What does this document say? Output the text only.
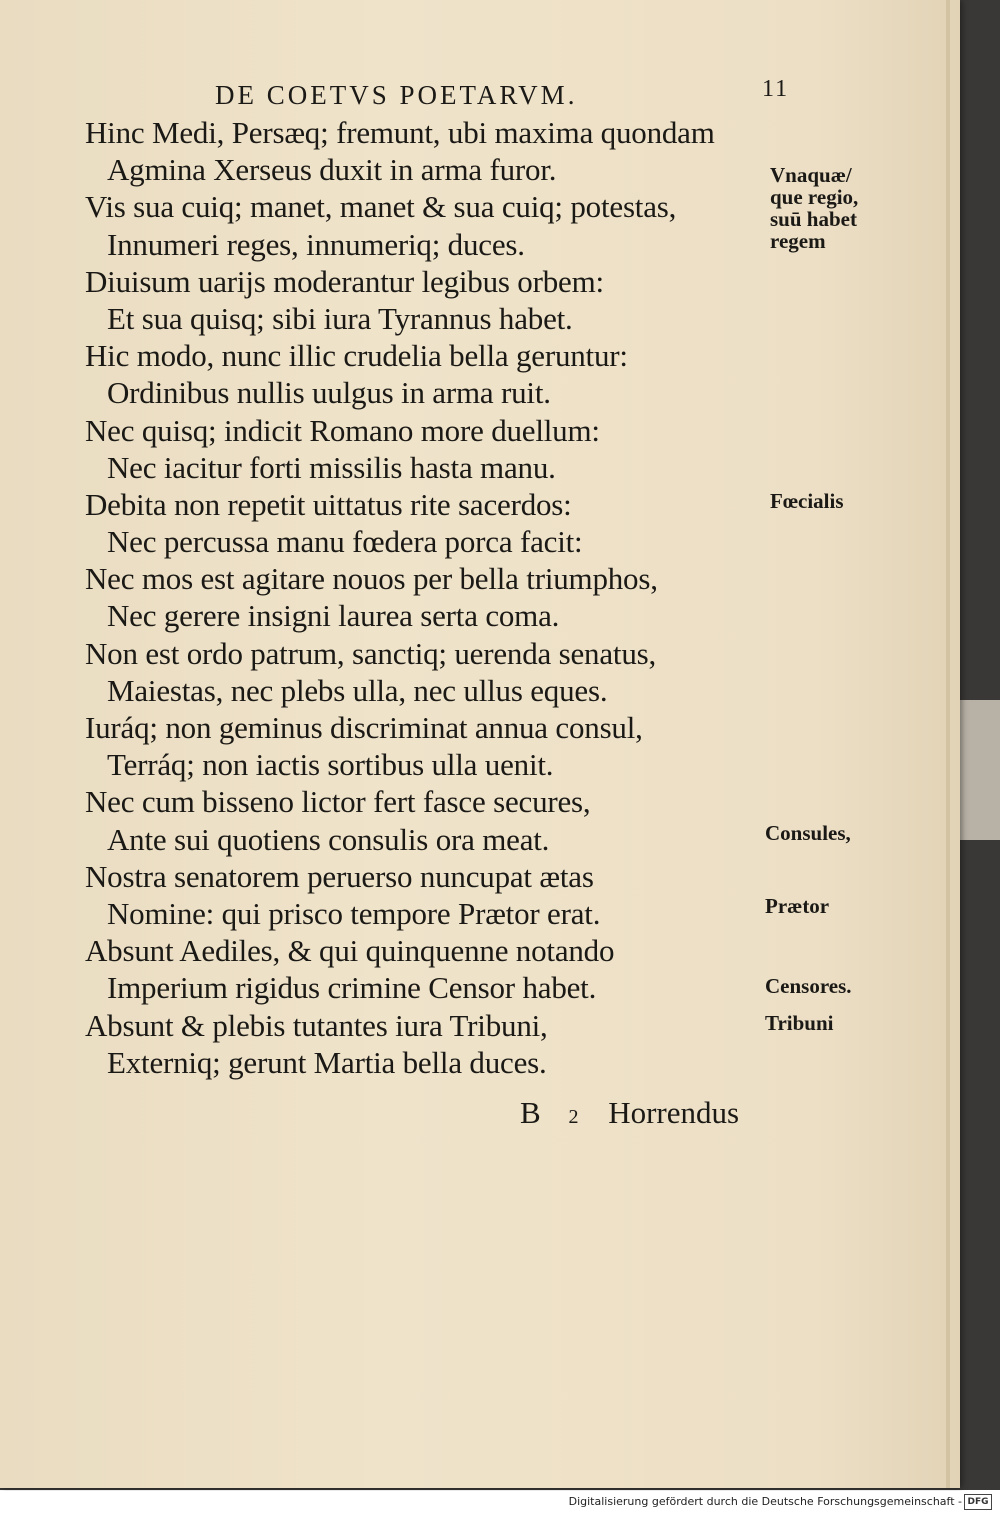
DE COETVS POETARVM.	11
Hinc Medi, Persæq; fremunt, ubi maxima quondam
Agmina Xerseus duxit in arma furor.
Vis sua cuiq; manet, manet & sua cuiq; potestas,
Innumeri reges, innumeriq; duces.
Diuisum uarijs moderantur legibus orbem:
Et sua quisq; sibi iura Tyrannus habet.
Hic modo, nunc illic crudelia bella geruntur:
Ordinibus nullis uulgus in arma ruit.
Nec quisq; indicit Romano more duellum:
Nec iacitur forti missilis hasta manu.
Debita non repetit uittatus rite sacerdos:
Nec percussa manu fœdera porca facit:
Nec mos est agitare nouos per bella triumphos,
Nec gerere insigni laurea serta coma.
Non est ordo patrum, sanctiq; uerenda senatus,
Maiestas, nec plebs ulla, nec ullus eques.
Iuráq; non geminus discriminat annua consul,
Terráq; non iactis sortibus ulla uenit.
Nec cum bisseno lictor fert fasce secures,
Ante sui quotiens consulis ora meat.
Nostra senatorem peruerso nuncupat ætas
Nomine: qui prisco tempore Prætor erat.
Absunt Aediles, & qui quinquenne notando
Imperium rigidus crimine Censor habet.
Absunt & plebis tutantes iura Tribuni,
Externiq; gerunt Martia bella duces.
Vnaquæ/
que regio,
suū habet
regem
Fœcialis
Consules,
Prætor
Censores.
Tribuni
B 2 Horrendus
Digitalisierung gefördert durch die Deutsche Forschungsgemeinschaft - DFG
